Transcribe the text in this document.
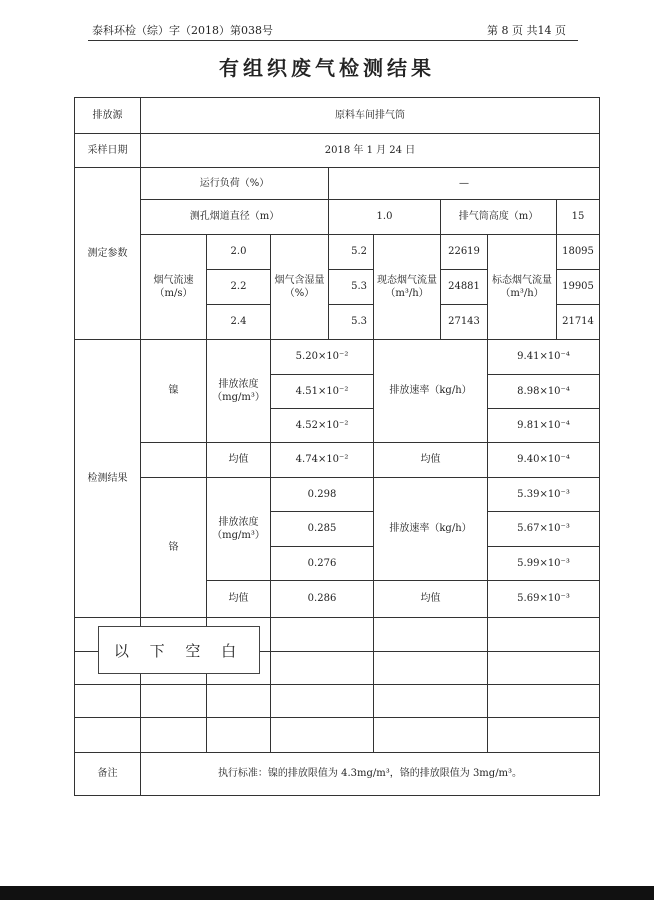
泰科环检（综）字（2018）第038号	第 8 页 共14 页
有组织废气检测结果
排放源	原料车间排气筒							
采样日期	2018 年 1 月 24 日							
测定参数	运行负荷（%）			—				
	测孔烟道直径（m）			1.0		排气筒高度（m）		15
	烟气流速（m/s）	2.0	烟气含湿量（%）	5.2	现态烟气流量（m³/h）	22619	标态烟气流量（m³/h）	18095
		2.2		5.3		24881		19905
		2.4		5.3		27143		21714
检测结果	镍	排放浓度（mg/m³）	5.20×10⁻²		排放速率（kg/h）		9.41×10⁻⁴	
			4.51×10⁻²				8.98×10⁻⁴	
			4.52×10⁻²				9.81×10⁻⁴	
		均值	4.74×10⁻²		均值		9.40×10⁻⁴	
	铬	排放浓度（mg/m³）	0.298		排放速率（kg/h）		5.39×10⁻³	
			0.285				5.67×10⁻³	
			0.276				5.99×10⁻³	
		均值	0.286		均值		5.69×10⁻³	

备注	执行标准：镍的排放限值为 4.3mg/m³，铬的排放限值为 3mg/m³。							
以 下 空 白
